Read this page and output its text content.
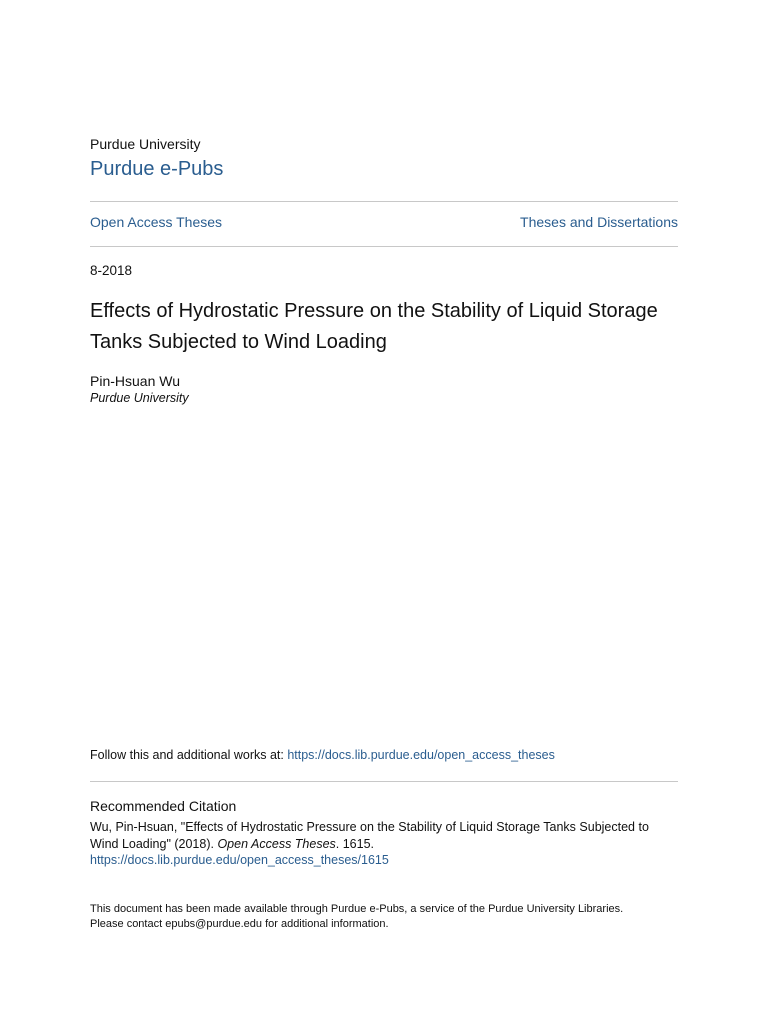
Purdue University
Purdue e-Pubs
Open Access Theses	Theses and Dissertations
8-2018
Effects of Hydrostatic Pressure on the Stability of Liquid Storage Tanks Subjected to Wind Loading
Pin-Hsuan Wu
Purdue University
Follow this and additional works at: https://docs.lib.purdue.edu/open_access_theses
Recommended Citation
Wu, Pin-Hsuan, "Effects of Hydrostatic Pressure on the Stability of Liquid Storage Tanks Subjected to Wind Loading" (2018). Open Access Theses. 1615.
https://docs.lib.purdue.edu/open_access_theses/1615
This document has been made available through Purdue e-Pubs, a service of the Purdue University Libraries.
Please contact epubs@purdue.edu for additional information.
